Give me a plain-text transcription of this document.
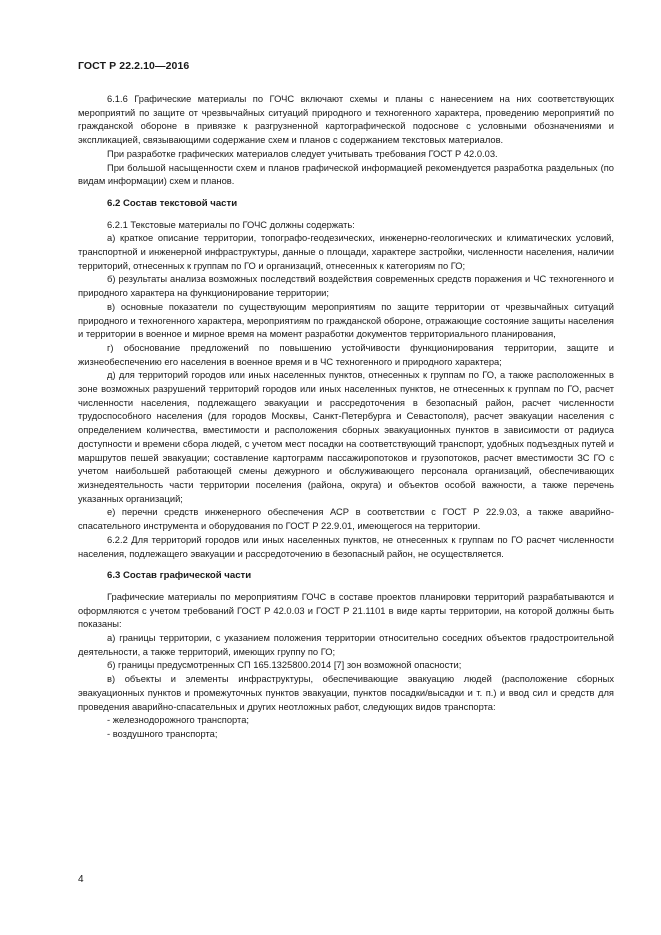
ГОСТ Р 22.2.10—2016

6.1.6 Графические материалы по ГОЧС включают схемы и планы с нанесением на них соответствующих мероприятий по защите от чрезвычайных ситуаций природного и техногенного характера, проведению мероприятий по гражданской обороне в привязке к разгрузненной картографической подоснове с условными обозначениями и экспликацией, связывающими содержание схем и планов с содержанием текстовых материалов.

При разработке графических материалов следует учитывать требования ГОСТ Р 42.0.03.

При большой насыщенности схем и планов графической информацией рекомендуется разработка раздельных (по видам информации) схем и планов.

6.2 Состав текстовой части

6.2.1 Текстовые материалы по ГОЧС должны содержать:

а) краткое описание территории, топографо-геодезических, инженерно-геологических и климатических условий, транспортной и инженерной инфраструктуры, данные о площади, характере застройки, численности населения, наличии территорий, отнесенных к группам по ГО и организаций, отнесенных к категориям по ГО;

б) результаты анализа возможных последствий воздействия современных средств поражения и ЧС техногенного и природного характера на функционирование территории;

в) основные показатели по существующим мероприятиям по защите территории от чрезвычайных ситуаций природного и техногенного характера, мероприятиям по гражданской обороне, отражающие состояние защиты населения и территории в военное и мирное время на момент разработки документов территориального планирования,

г) обоснование предложений по повышению устойчивости функционирования территории, защите и жизнеобеспечению его населения в военное время и в ЧС техногенного и природного характера;

д) для территорий городов или иных населенных пунктов, отнесенных к группам по ГО, а также расположенных в зоне возможных разрушений территорий городов или иных населенных пунктов, не отнесенных к группам по ГО, расчет численности населения, подлежащего эвакуации и рассредоточения в безопасный район, расчет численности трудоспособного населения (для городов Москвы, Санкт-Петербурга и Севастополя), расчет эвакуации населения с определением количества, вместимости и расположения сборных эвакуационных пунктов в зависимости от радиуса доступности и времени сбора людей, с учетом мест посадки на соответствующий транспорт, удобных подъездных путей и маршрутов пешей эвакуации; составление картограмм пассажиропотоков и грузопотоков, расчет вместимости ЗС ГО с учетом наибольшей работающей смены дежурного и обслуживающего персонала организаций, обеспечивающих жизнедеятельность части территории поселения (района, округа) и объектов особой важности, а также перечень указанных организаций;

е) перечни средств инженерного обеспечения АСР в соответствии с ГОСТ Р 22.9.03, а также аварийно-спасательного инструмента и оборудования по ГОСТ Р 22.9.01, имеющегося на территории.

6.2.2 Для территорий городов или иных населенных пунктов, не отнесенных к группам по ГО расчет численности населения, подлежащего эвакуации и рассредоточению в безопасный район, не осуществляется.

6.3 Состав графической части

Графические материалы по мероприятиям ГОЧС в составе проектов планировки территорий разрабатываются и оформляются с учетом требований ГОСТ Р 42.0.03 и ГОСТ Р 21.1101 в виде карты территории, на которой должны быть показаны:

а) границы территории, с указанием положения территории относительно соседних объектов градостроительной деятельности, а также территорий, имеющих группу по ГО;

б) границы предусмотренных СП 165.1325800.2014 [7] зон возможной опасности;

в) объекты и элементы инфраструктуры, обеспечивающие эвакуацию людей (расположение сборных эвакуационных пунктов и промежуточных пунктов эвакуации, пунктов посадки/высадки и т. п.) и ввод сил и средств для проведения аварийно-спасательных и других неотложных работ, следующих видов транспорта:

- железнодорожного транспорта;

- воздушного транспорта;

4
